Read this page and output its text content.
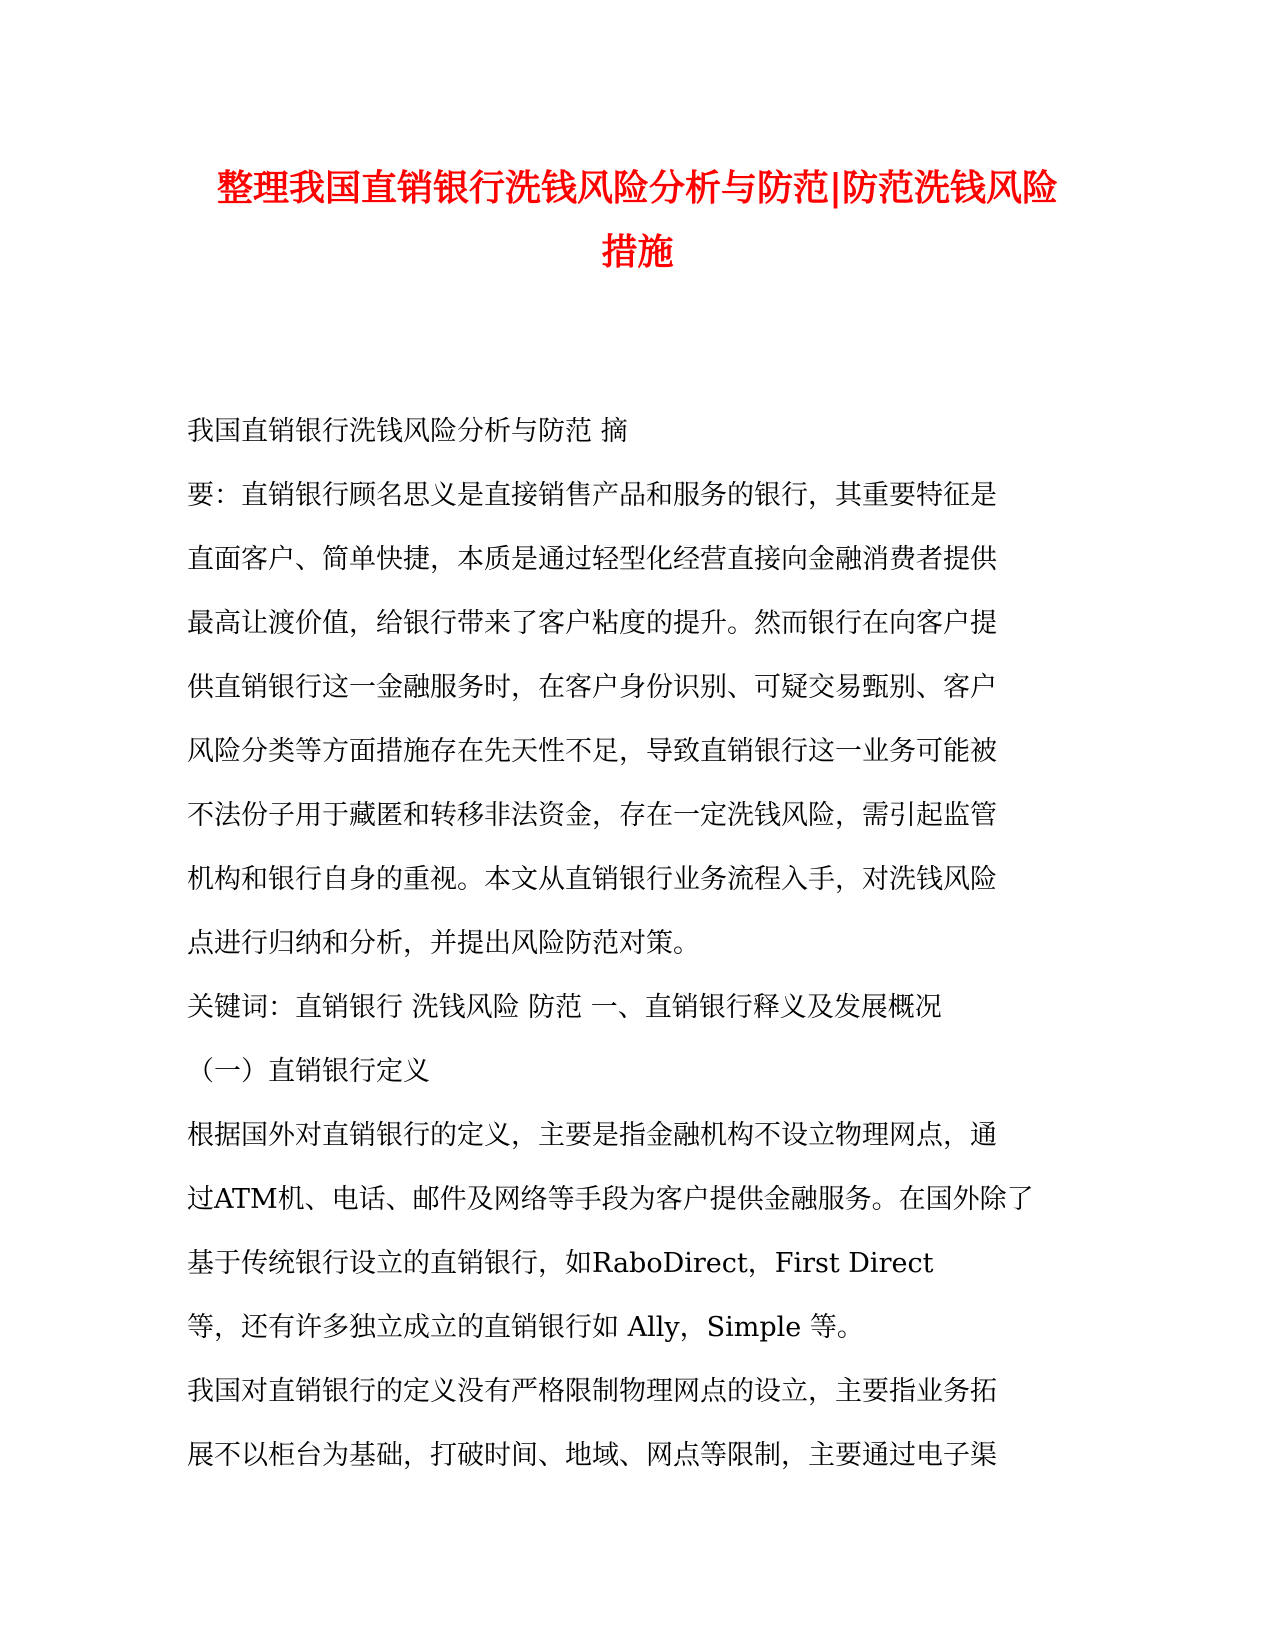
整理我国直销银行洗钱风险分析与防范|防范洗钱风险
措施
我国直销银行洗钱风险分析与防范 摘
要：直销银行顾名思义是直接销售产品和服务的银行，其重要特征是
直面客户、简单快捷，本质是通过轻型化经营直接向金融消费者提供
最高让渡价值，给银行带来了客户粘度的提升。然而银行在向客户提
供直销银行这一金融服务时，在客户身份识别、可疑交易甄别、客户
风险分类等方面措施存在先天性不足，导致直销银行这一业务可能被
不法份子用于藏匿和转移非法资金，存在一定洗钱风险，需引起监管
机构和银行自身的重视。本文从直销银行业务流程入手，对洗钱风险
点进行归纳和分析，并提出风险防范对策。
关键词：直销银行 洗钱风险 防范 一、直销银行释义及发展概况
（一）直销银行定义
根据国外对直销银行的定义，主要是指金融机构不设立物理网点，通
过ATM机、电话、邮件及网络等手段为客户提供金融服务。在国外除了
基于传统银行设立的直销银行，如RaboDirect，First Direct
等，还有许多独立成立的直销银行如 Ally，Simple 等。
我国对直销银行的定义没有严格限制物理网点的设立，主要指业务拓
展不以柜台为基础，打破时间、地域、网点等限制，主要通过电子渠
